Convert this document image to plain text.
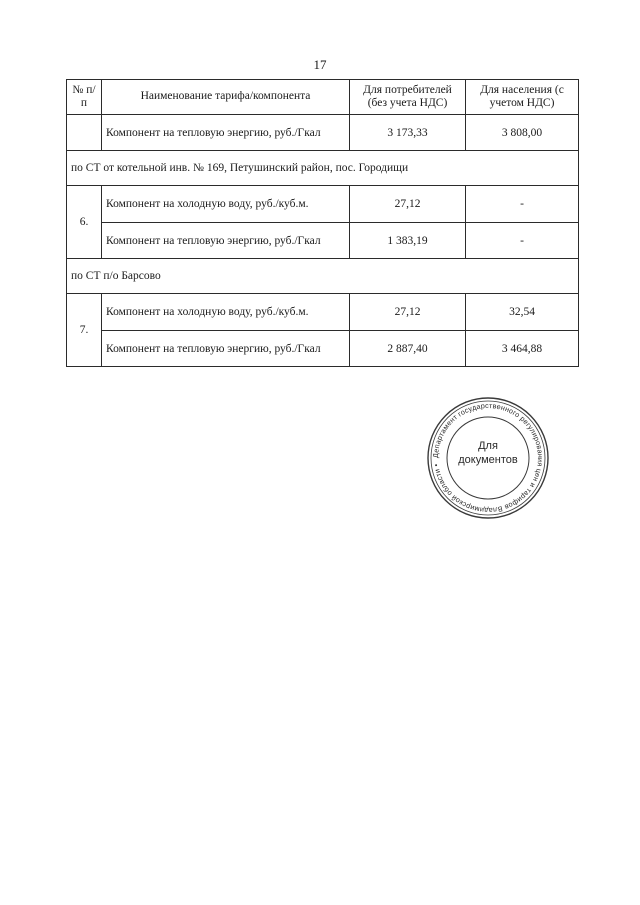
17
№ п/п	Наименование тарифа/компонента	Для потребителей (без учета НДС)	Для населения (с учетом НДС)
	Компонент на тепловую энергию, руб./Гкал	3 173,33	3 808,00
по СТ от котельной инв. № 169, Петушинский район, пос. Городищи			
6.	Компонент на холодную воду, руб./куб.м.	27,12	-
	Компонент на тепловую энергию, руб./Гкал	1 383,19	-
по СТ п/о Барсово			
7.	Компонент на холодную воду, руб./куб.м.	27,12	32,54
	Компонент на тепловую энергию, руб./Гкал	2 887,40	3 464,88
Департамент государственного регулирования цен и тарифов Владимирской области •
Для
документов
